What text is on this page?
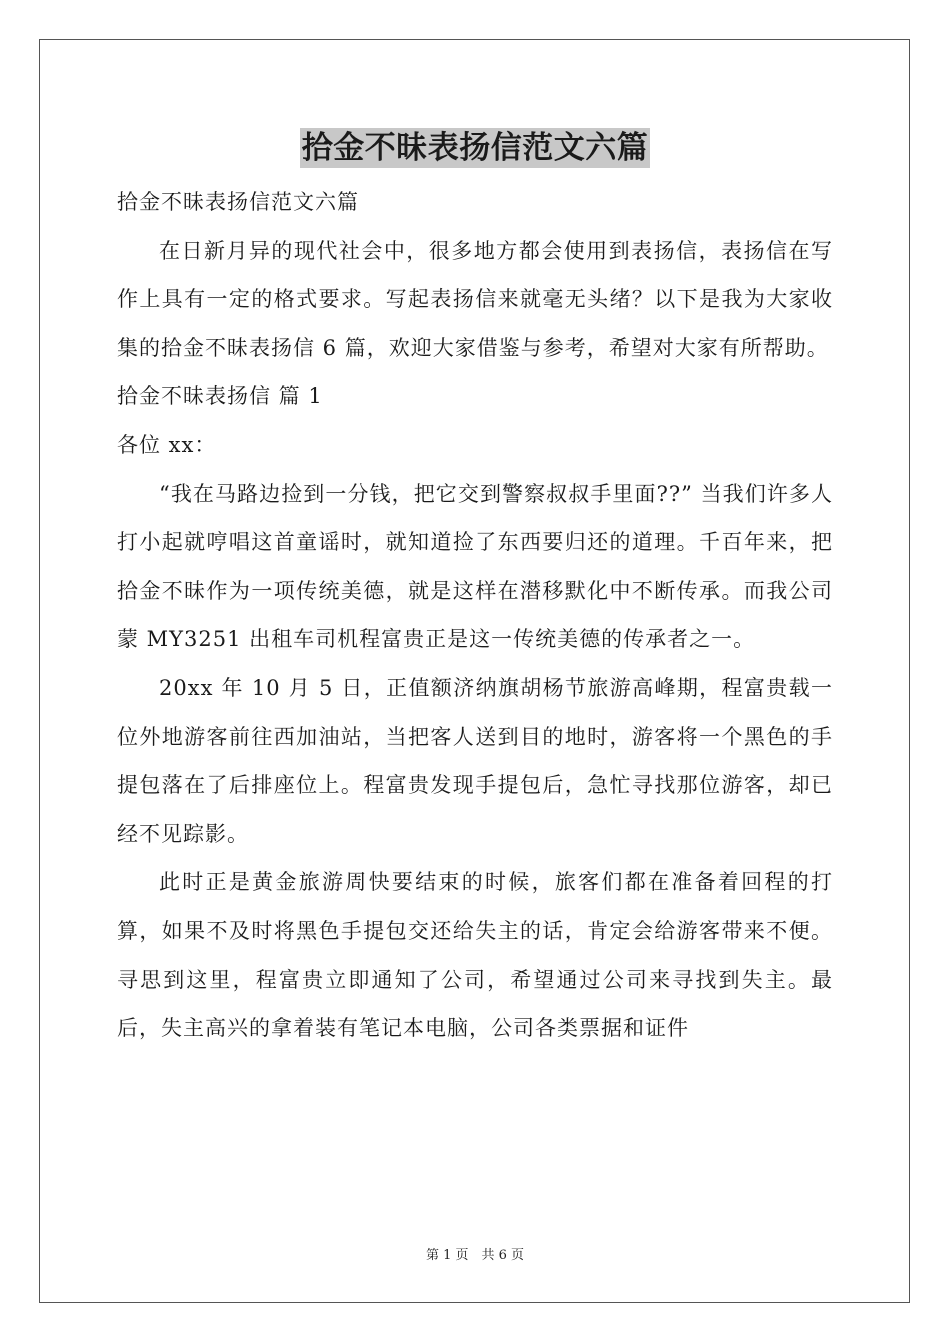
拾金不昧表扬信范文六篇

拾金不昧表扬信范文六篇

在日新月异的现代社会中，很多地方都会使用到表扬信，表扬信在写作上具有一定的格式要求。写起表扬信来就毫无头绪？以下是我为大家收集的拾金不昧表扬信 6 篇，欢迎大家借鉴与参考，希望对大家有所帮助。

拾金不昧表扬信 篇 1

各位 xx：

“我在马路边捡到一分钱，把它交到警察叔叔手里面??” 当我们许多人打小起就哼唱这首童谣时，就知道捡了东西要归还的道理。千百年来，把拾金不昧作为一项传统美德，就是这样在潜移默化中不断传承。而我公司蒙 MY3251 出租车司机程富贵正是这一传统美德的传承者之一。

20xx 年 10 月 5 日，正值额济纳旗胡杨节旅游高峰期，程富贵载一位外地游客前往西加油站，当把客人送到目的地时，游客将一个黑色的手提包落在了后排座位上。程富贵发现手提包后，急忙寻找那位游客，却已经不见踪影。

此时正是黄金旅游周快要结束的时候，旅客们都在准备着回程的打算，如果不及时将黑色手提包交还给失主的话，肯定会给游客带来不便。寻思到这里，程富贵立即通知了公司，希望通过公司来寻找到失主。最后，失主高兴的拿着装有笔记本电脑，公司各类票据和证件

第 1 页　共 6 页
